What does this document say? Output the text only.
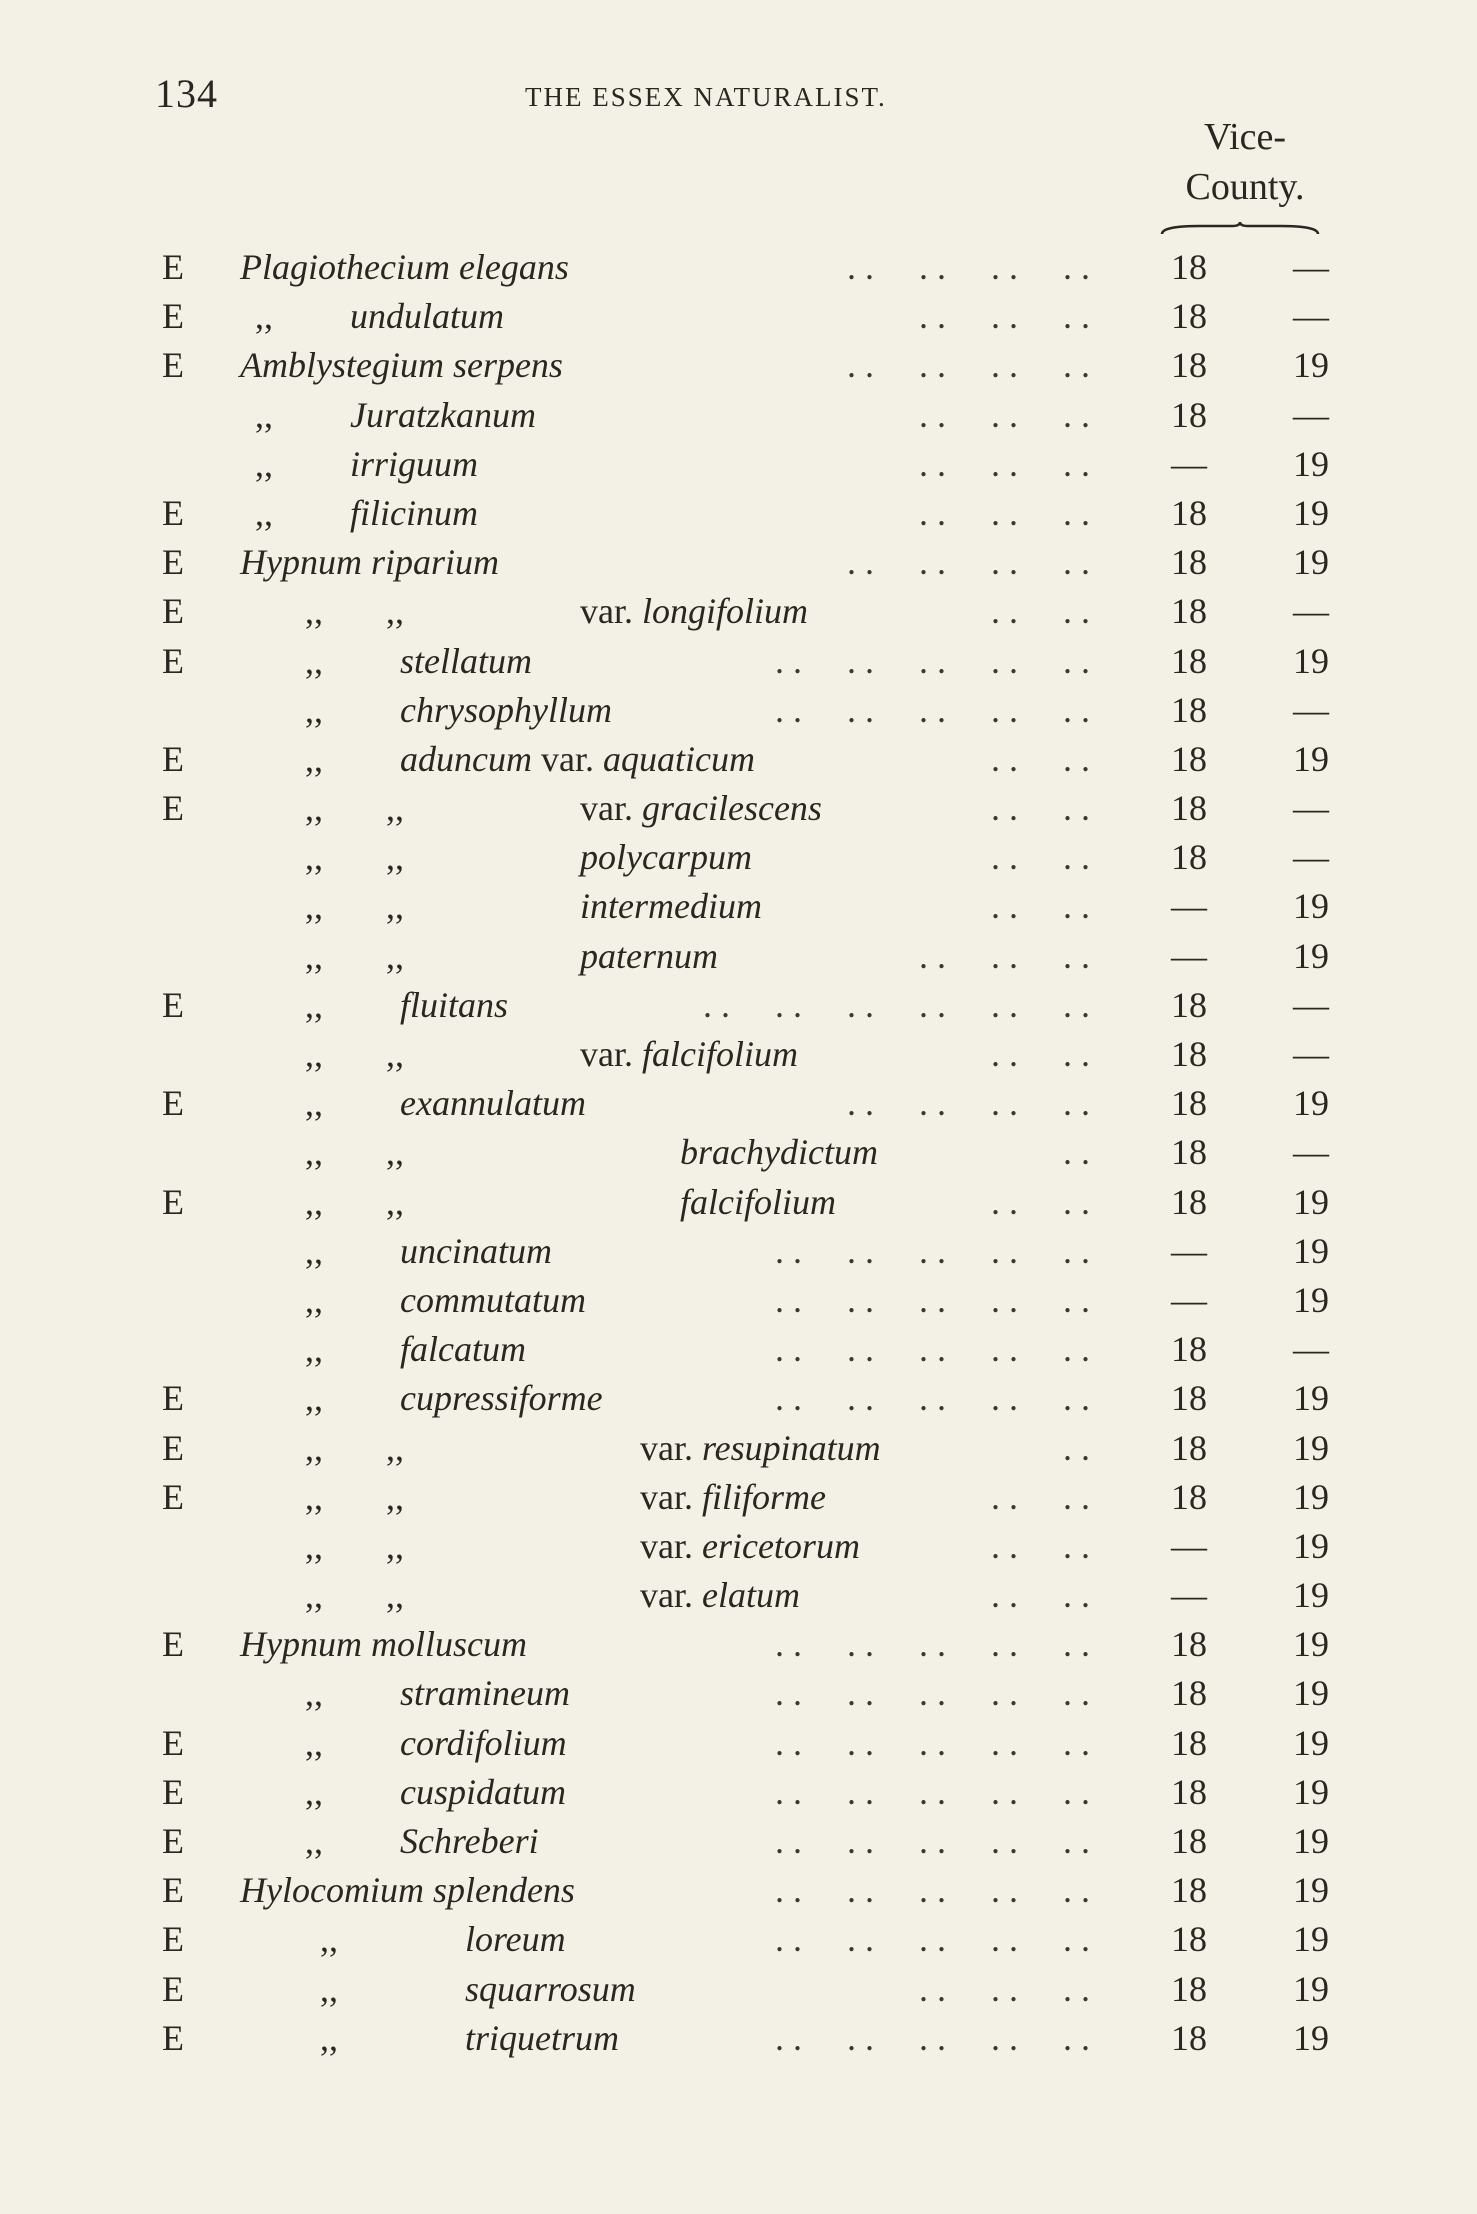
134	THE ESSEX NATURALIST.
Vice-
County.
E Plagiothecium elegans	. .     . .     . .     . .	18	—
E ,, undulatum	. .     . .     . .	18	—
E Amblystegium serpens	. .     . .     . .     . .	18	19
,, Juratzkanum	. .     . .     . .	18	—
,, irriguum	. .     . .     . .	—	19
E ,, filicinum	. .     . .     . .	18	19
E Hypnum riparium	. .     . .     . .     . .	18	19
E	,,       ,,	var. longifolium	. .     . .	18	—
E	,, stellatum	. .     . .     . .     . .     . .	18	19
,, chrysophyllum	. .     . .     . .     . .     . .	18	—
E	,, aduncum var. aquaticum	. .     . .	18	19
E	,,       ,,	var. gracilescens	. .     . .	18	—
,,       ,,	polycarpum	. .     . .	18	—
,,       ,,	intermedium	. .     . .	—	19
,,       ,,	paternum	. .     . .     . .	—	19
E	,, fluitans	. .     . .     . .     . .     . .     . .	18	—
,,       ,,	var. falcifolium	. .     . .	18	—
E	,, exannulatum	. .     . .     . .     . .	18	19
,,       ,,	brachydictum	. .	18	—
E	,,       ,,	falcifolium	. .     . .	18	19
,, uncinatum	. .     . .     . .     . .     . .	—	19
,, commutatum	. .     . .     . .     . .     . .	—	19
,, falcatum	. .     . .     . .     . .     . .	18	—
E	,, cupressiforme	. .     . .     . .     . .     . .	18	19
E	,,       ,,	var. resupinatum	. .	18	19
E	,,       ,,	var. filiforme	. .     . .	18	19
,,       ,,	var. ericetorum	. .     . .	—	19
,,       ,,	var. elatum	. .     . .	—	19
E Hypnum molluscum	. .     . .     . .     . .     . .	18	19
,, stramineum	. .     . .     . .     . .     . .	18	19
E	,, cordifolium	. .     . .     . .     . .     . .	18	19
E	,, cuspidatum	. .     . .     . .     . .     . .	18	19
E	,, Schreberi	. .     . .     . .     . .     . .	18	19
E Hylocomium splendens	. .     . .     . .     . .     . .	18	19
E	,,	loreum	. .     . .     . .     . .     . .	18	19
E	,,	squarrosum	. .     . .     . .	18	19
E	,,	triquetrum	. .     . .     . .     . .     . .	18	19
